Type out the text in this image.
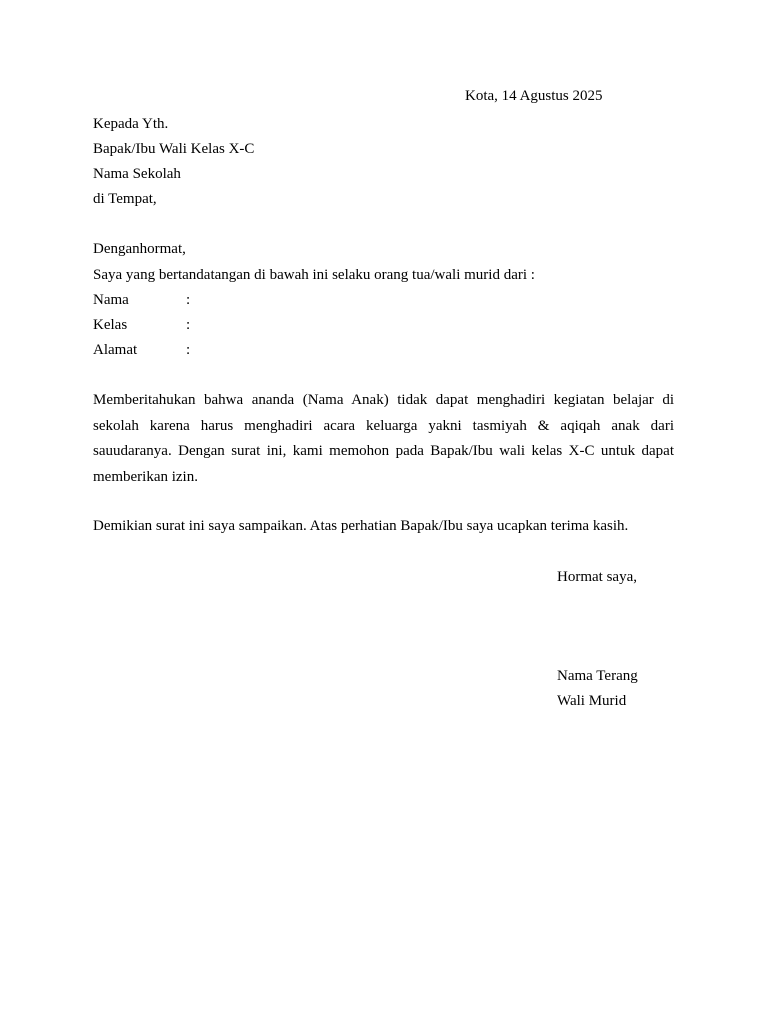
Kota, 14 Agustus 2025
Kepada Yth.
Bapak/Ibu Wali Kelas X-C
Nama Sekolah
di Tempat,
Denganhormat,
Saya yang bertandatangan di bawah ini selaku orang tua/wali murid dari :
Nama	:
Kelas	:
Alamat	:
Memberitahukan bahwa ananda (Nama Anak) tidak dapat menghadiri kegiatan belajar di sekolah karena harus menghadiri acara keluarga yakni tasmiyah & aqiqah anak dari sauudaranya. Dengan surat ini, kami memohon pada Bapak/Ibu wali kelas X-C untuk dapat memberikan izin.
Demikian surat ini saya sampaikan. Atas perhatian Bapak/Ibu saya ucapkan terima kasih.
Hormat saya,
Nama Terang
Wali Murid
